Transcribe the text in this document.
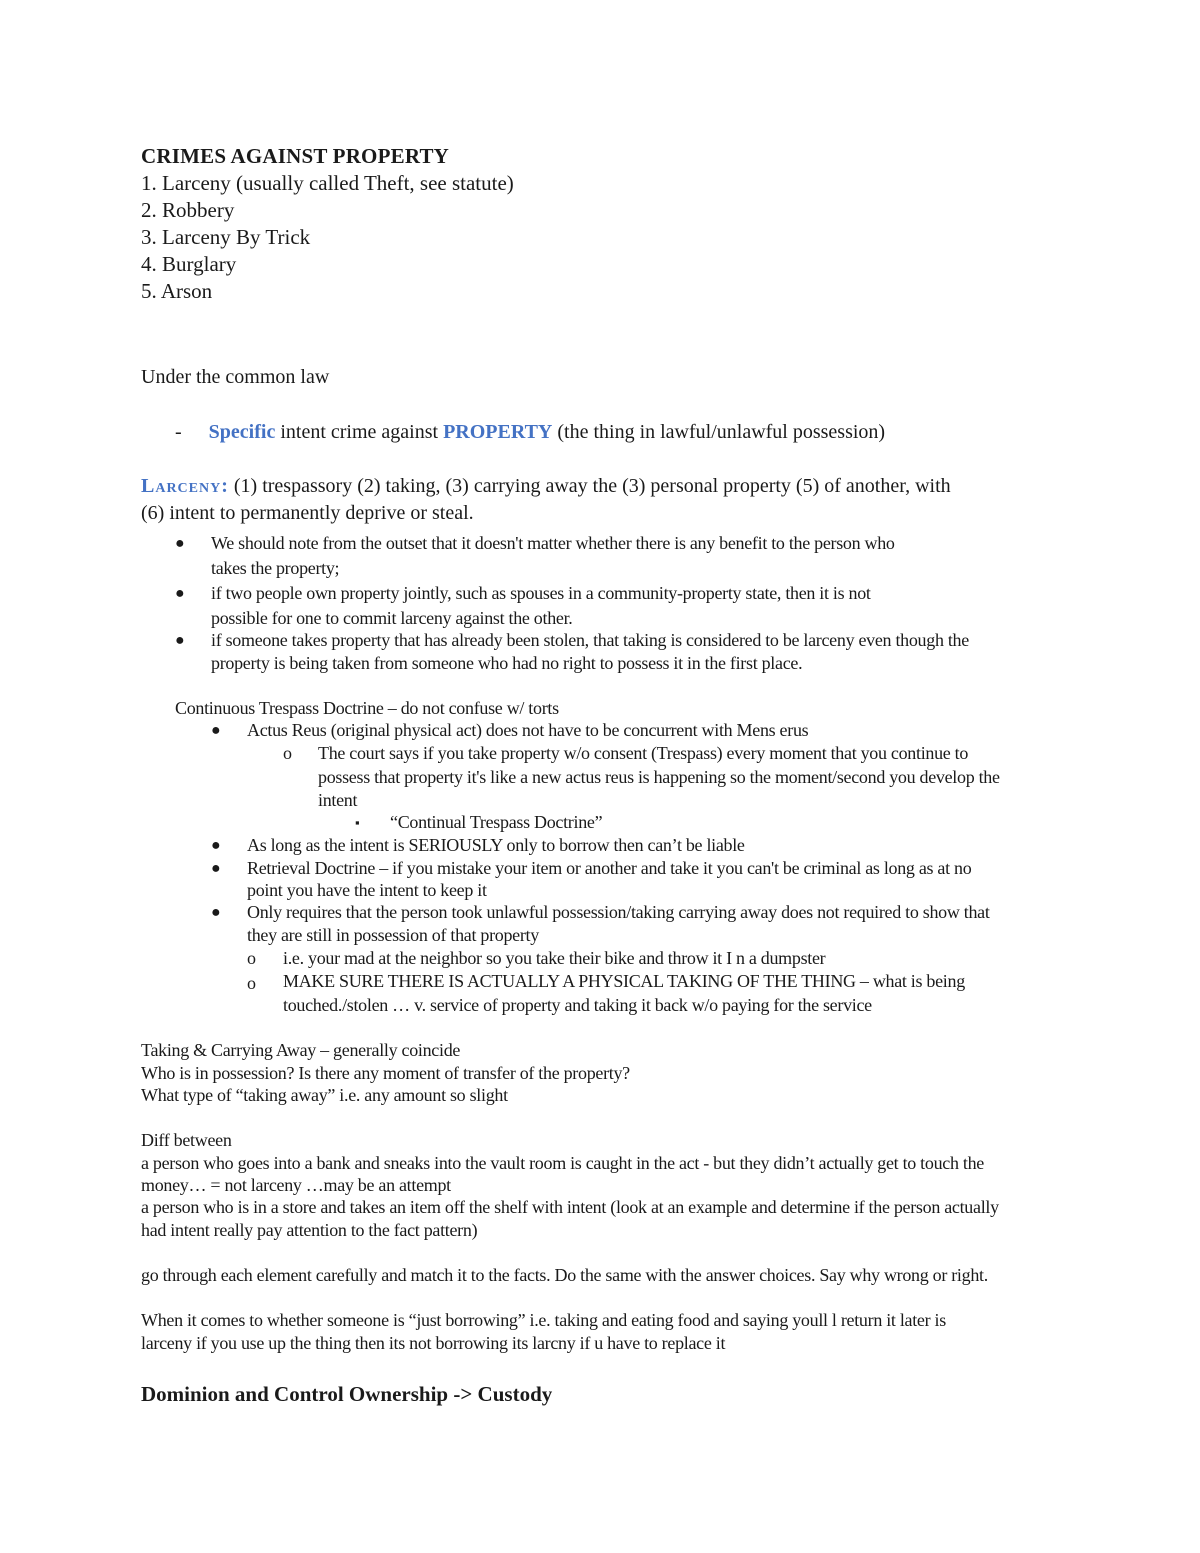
CRIMES AGAINST PROPERTY
1. Larceny (usually called Theft, see statute)
2. Robbery
3. Larceny By Trick
4. Burglary
5. Arson
Under the common law
- Specific intent crime against PROPERTY (the thing in lawful/unlawful possession)
Larceny: (1) trespassory (2) taking, (3) carrying away the (3) personal property (5) of another, with
(6) intent to permanently deprive or steal.
● We should note from the outset that it doesn't matter whether there is any benefit to the person who
takes the property;
● if two people own property jointly, such as spouses in a community-property state, then it is not
possible for one to commit larceny against the other.
● if someone takes property that has already been stolen, that taking is considered to be larceny even though the
property is being taken from someone who had no right to possess it in the first place.
Continuous Trespass Doctrine – do not confuse w/ torts
● Actus Reus (original physical act) does not have to be concurrent with Mens erus
o The court says if you take property w/o consent (Trespass) every moment that you continue to
possess that property it's like a new actus reus is happening so the moment/second you develop the
intent
▪ “Continual Trespass Doctrine”
● As long as the intent is SERIOUSLY only to borrow then can’t be liable
● Retrieval Doctrine – if you mistake your item or another and take it you can't be criminal as long as at no
point you have the intent to keep it
● Only requires that the person took unlawful possession/taking carrying away does not required to show that
they are still in possession of that property
o i.e. your mad at the neighbor so you take their bike and throw it I n a dumpster
o MAKE SURE THERE IS ACTUALLY A PHYSICAL TAKING OF THE THING – what is being
touched./stolen … v. service of property and taking it back w/o paying for the service
Taking & Carrying Away – generally coincide
Who is in possession? Is there any moment of transfer of the property?
What type of “taking away” i.e. any amount so slight
Diff between
a person who goes into a bank and sneaks into the vault room is caught in the act - but they didn’t actually get to touch the
money… = not larceny …may be an attempt
a person who is in a store and takes an item off the shelf with intent (look at an example and determine if the person actually
had intent really pay attention to the fact pattern)
go through each element carefully and match it to the facts. Do the same with the answer choices. Say why wrong or right.
When it comes to whether someone is “just borrowing” i.e. taking and eating food and saying youll l return it later is
larceny if you use up the thing then its not borrowing its larcny if u have to replace it
Dominion and Control Ownership -> Custody
